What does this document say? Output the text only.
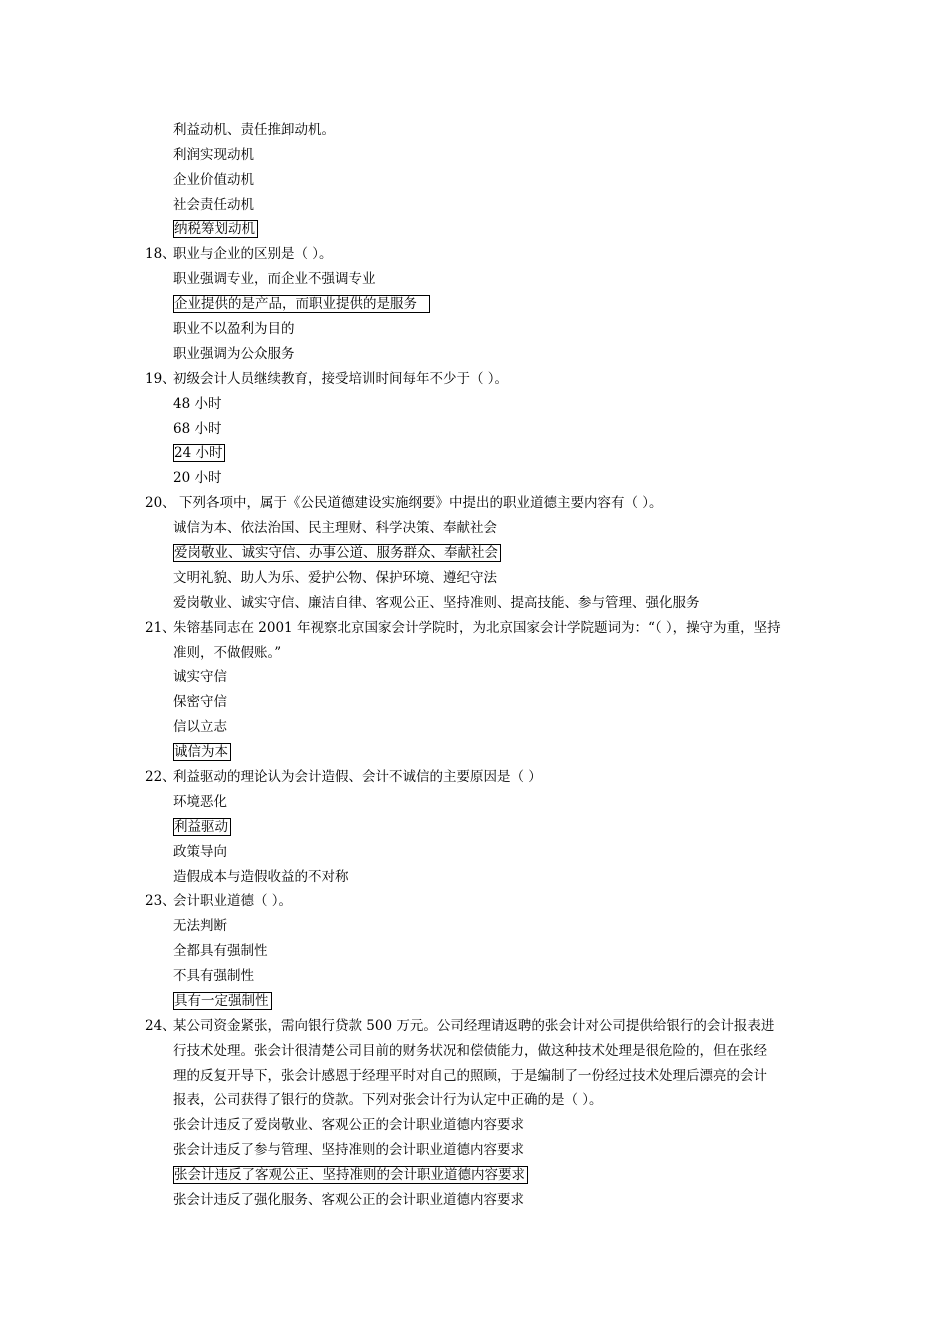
利益动机、责任推卸动机。
利润实现动机
企业价值动机
社会责任动机
纳税筹划动机
18、
职业与企业的区别是（ ）。
职业强调专业，而企业不强调专业
企业提供的是产品，而职业提供的是服务
职业不以盈利为目的
职业强调为公众服务
19、
初级会计人员继续教育，接受培训时间每年不少于（ ）。
48 小时
68 小时
24 小时
20 小时
20、 下列各项中，属于《公民道德建设实施纲要》中提出的职业道德主要内容有（ ）。
诚信为本、依法治国、民主理财、科学决策、奉献社会
爱岗敬业、诚实守信、办事公道、服务群众、奉献社会
文明礼貌、助人为乐、爱护公物、保护环境、遵纪守法
爱岗敬业、诚实守信、廉洁自律、客观公正、坚持准则、提高技能、参与管理、强化服务
21、
朱镕基同志在 2001 年视察北京国家会计学院时，为北京国家会计学院题词为：“（ ），操守为重，坚持
准则，不做假账。”
诚实守信
保密守信
信以立志
诚信为本
22、
利益驱动的理论认为会计造假、会计不诚信的主要原因是（ ）
环境恶化
利益驱动
政策导向
造假成本与造假收益的不对称
23、
会计职业道德（ ）。
无法判断
全都具有强制性
不具有强制性
具有一定强制性
24、
某公司资金紧张，需向银行贷款 500 万元。公司经理请返聘的张会计对公司提供给银行的会计报表进
行技术处理。张会计很清楚公司目前的财务状况和偿债能力，做这种技术处理是很危险的，但在张经
理的反复开导下，张会计感恩于经理平时对自己的照顾，于是编制了一份经过技术处理后漂亮的会计
报表，公司获得了银行的贷款。下列对张会计行为认定中正确的是（ ）。
张会计违反了爱岗敬业、客观公正的会计职业道德内容要求
张会计违反了参与管理、坚持准则的会计职业道德内容要求
张会计违反了客观公正、坚持准则的会计职业道德内容要求
张会计违反了强化服务、客观公正的会计职业道德内容要求
